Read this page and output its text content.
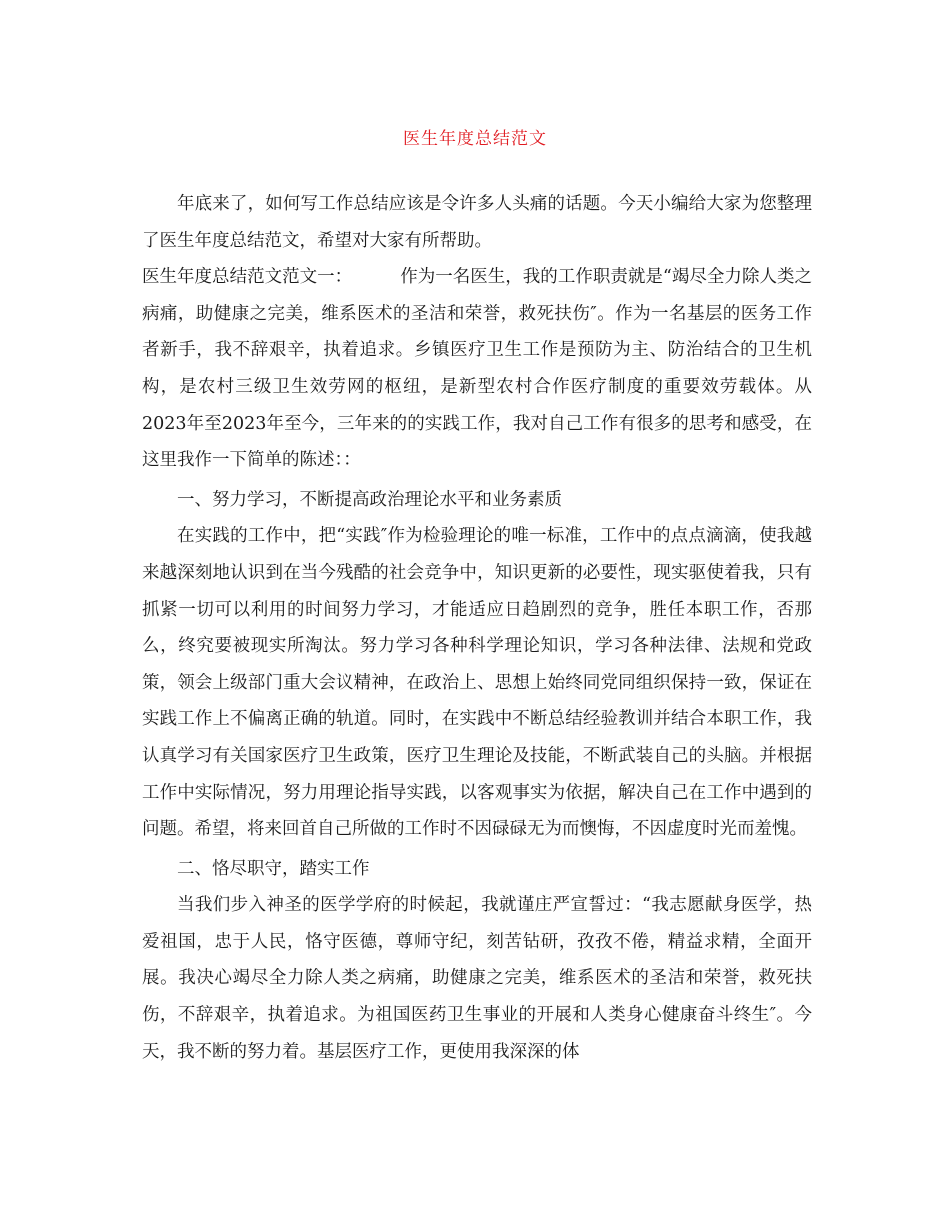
医生年度总结范文

年底来了，如何写工作总结应该是令许多人头痛的话题。今天小编给大家为您整理了医生年度总结范文，希望对大家有所帮助。

医生年度总结范文范文一：	作为一名医生，我的工作职责就是“竭尽全力除人类之病痛，助健康之完美，维系医术的圣洁和荣誉，救死扶伤″。作为一名基层的医务工作者新手，我不辞艰辛，执着追求。乡镇医疗卫生工作是预防为主、防治结合的卫生机构，是农村三级卫生效劳网的枢纽，是新型农村合作医疗制度的重要效劳载体。从2023年至2023年至今，三年来的的实践工作，我对自己工作有很多的思考和感受，在这里我作一下简单的陈述：：

一、努力学习，不断提高政治理论水平和业务素质

在实践的工作中，把“实践″作为检验理论的唯一标准，工作中的点点滴滴，使我越来越深刻地认识到在当今残酷的社会竞争中，知识更新的必要性，现实驱使着我，只有抓紧一切可以利用的时间努力学习，才能适应日趋剧烈的竞争，胜任本职工作，否那么，终究要被现实所淘汰。努力学习各种科学理论知识，学习各种法律、法规和党政策，领会上级部门重大会议精神，在政治上、思想上始终同党同组织保持一致，保证在实践工作上不偏离正确的轨道。同时，在实践中不断总结经验教训并结合本职工作，我认真学习有关国家医疗卫生政策，医疗卫生理论及技能，不断武装自己的头脑。并根据工作中实际情况，努力用理论指导实践，以客观事实为依据，解决自己在工作中遇到的问题。希望，将来回首自己所做的工作时不因碌碌无为而懊悔，不因虚度时光而羞愧。

二、恪尽职守，踏实工作

当我们步入神圣的医学学府的时候起，我就谨庄严宣誓过：“我志愿献身医学，热爱祖国，忠于人民，恪守医德，尊师守纪，刻苦钻研，孜孜不倦，精益求精，全面开展。我决心竭尽全力除人类之病痛，助健康之完美，维系医术的圣洁和荣誉，救死扶伤，不辞艰辛，执着追求。为祖国医药卫生事业的开展和人类身心健康奋斗终生″。今天，我不断的努力着。基层医疗工作，更使用我深深的体
